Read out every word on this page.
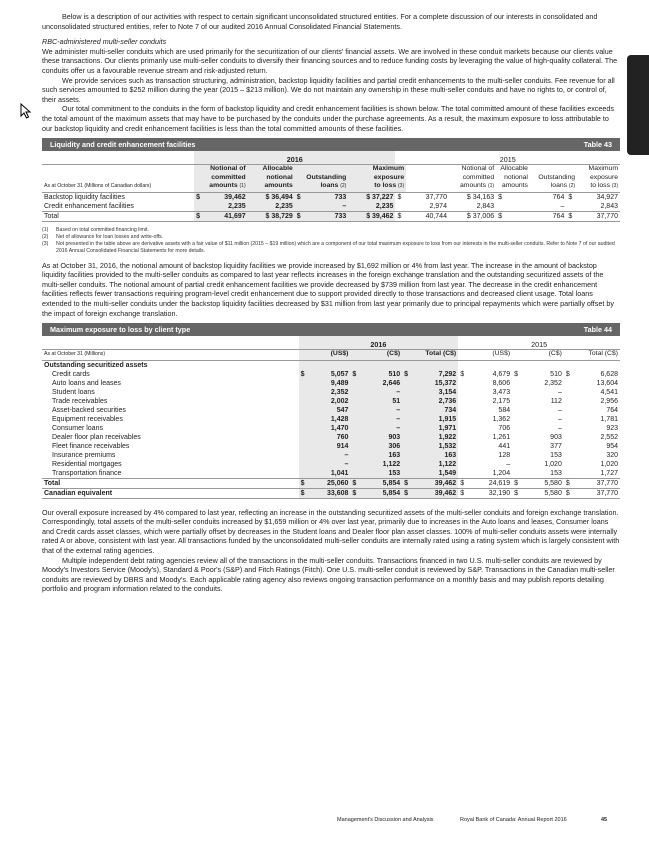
Below is a description of our activities with respect to certain significant unconsolidated structured entities. For a complete discussion of our interests in consolidated and unconsolidated structured entities, refer to Note 7 of our audited 2016 Annual Consolidated Financial Statements.

RBC-administered multi-seller conduits

We administer multi-seller conduits which are used primarily for the securitization of our clients' financial assets. We are involved in these conduit markets because our clients value these transactions. Our clients primarily use multi-seller conduits to diversify their financing sources and to reduce funding costs by leveraging the value of high-quality collateral. The conduits offer us a favourable revenue stream and risk-adjusted return.

We provide services such as transaction structuring, administration, backstop liquidity facilities and partial credit enhancements to the multi-seller conduits. Fee revenue for all such services amounted to $252 million during the year (2015 – $213 million). We do not maintain any ownership in these multi-seller conduits and have no rights to, or control of, their assets.

Our total commitment to the conduits in the form of backstop liquidity and credit enhancement facilities is shown below. The total committed amount of these facilities exceeds the total amount of the maximum assets that may have to be purchased by the conduits under the purchase agreements. As a result, the maximum exposure to loss attributable to our backstop liquidity and credit enhancement facilities is less than the total committed amounts of these facilities.

Liquidity and credit enhancement facilities	Table 43
	2016						2015						
As at October 31 (Millions of Canadian dollars)	Notional of
committed
amounts (1)		Allocable
notional
amounts	Outstanding
loans (2)		Maximum
exposure
to loss (3)		Notional of
committed
amounts (1)		Allocable
notional
amounts	Outstanding
loans (2)		Maximum
exposure
to loss (3)
Backstop liquidity facilities	$	39,462	$ 36,494	$	733	$ 37,227	$	37,770	$ 34,163	$	764	$	34,927
Credit enhancement facilities		2,235	2,235		–	2,235		2,974	2,843		–		2,843
Total	$	41,697	$ 38,729	$	733	$ 39,462	$	40,744	$ 37,006	$	764	$	37,770
(1)	Based on total committed financing limit.
(2)	Net of allowance for loan losses and write-offs.
(3)	Not presented in the table above are derivative assets with a fair value of $11 million (2015 – $19 million) which are a component of our total maximum exposure to loss from our interests in the multi-seller conduits. Refer to Note 7 of our audited 2016 Annual Consolidated Financial Statements for more details.

As at October 31, 2016, the notional amount of backstop liquidity facilities we provide increased by $1,692 million or 4% from last year. The increase in the amount of backstop liquidity facilities provided to the multi-seller conduits as compared to last year reflects increases in the foreign exchange translation and the outstanding securitized assets of the multi-seller conduits. The notional amount of partial credit enhancement facilities we provide decreased by $739 million from last year. The decrease in the credit enhancement facilities reflects fewer transactions requiring program-level credit enhancement due to support provided directly to those transactions and decreased client usage. Total loans extended to the multi-seller conduits under the backstop liquidity facilities decreased by $31 million from last year primarily due to principal repayments which were partially offset by the impact of foreign exchange translation.

Maximum exposure to loss by client type	Table 44
	2016						2015					
As at October 31 (Millions)	(US$)		(C$)		Total (C$)		(US$)		(C$)		Total (C$)	
Outstanding securitized assets												
Credit cards	$	5,057	$	510	$	7,292	$	4,679	$	510	$	6,628
Auto loans and leases		9,489		2,646		15,372		8,606		2,352		13,604
Student loans		2,352		–		3,154		3,473		–		4,541
Trade receivables		2,002		51		2,736		2,175		112		2,956
Asset-backed securities		547		–		734		584		–		764
Equipment receivables		1,428		–		1,915		1,362		–		1,781
Consumer loans		1,470		–		1,971		706		–		923
Dealer floor plan receivables		760		903		1,922		1,261		903		2,552
Fleet finance receivables		914		306		1,532		441		377		954
Insurance premiums		–		163		163		128		153		320
Residential mortgages		–		1,122		1,122		–		1,020		1,020
Transportation finance		1,041		153		1,549		1,204		153		1,727
Total	$	25,060	$	5,854	$	39,462	$	24,619	$	5,580	$	37,770
Canadian equivalent	$	33,608	$	5,854	$	39,462	$	32,190	$	5,580	$	37,770

Our overall exposure increased by 4% compared to last year, reflecting an increase in the outstanding securitized assets of the multi-seller conduits and foreign exchange translation. Correspondingly, total assets of the multi-seller conduits increased by $1,659 million or 4% over last year, primarily due to increases in the Auto loans and leases, Consumer loans and Credit cards asset classes, which were partially offset by decreases in the Student loans and Dealer floor plan asset classes. 100% of multi-seller conduits assets were internally rated A or above, consistent with last year. All transactions funded by the unconsolidated multi-seller conduits are internally rated using a rating system which is largely consistent with that of the external rating agencies.

Multiple independent debt rating agencies review all of the transactions in the multi-seller conduits. Transactions financed in two U.S. multi-seller conduits are reviewed by Moody's Investors Service (Moody's), Standard & Poor's (S&P) and Fitch Ratings (Fitch). One U.S. multi-seller conduit is reviewed by S&P. Transactions in the Canadian multi-seller conduits are reviewed by DBRS and Moody's. Each applicable rating agency also reviews ongoing transaction performance on a monthly basis and may publish reports detailing portfolio and program information related to the conduits.

Management's Discussion and Analysis	Royal Bank of Canada: Annual Report 2016	45
